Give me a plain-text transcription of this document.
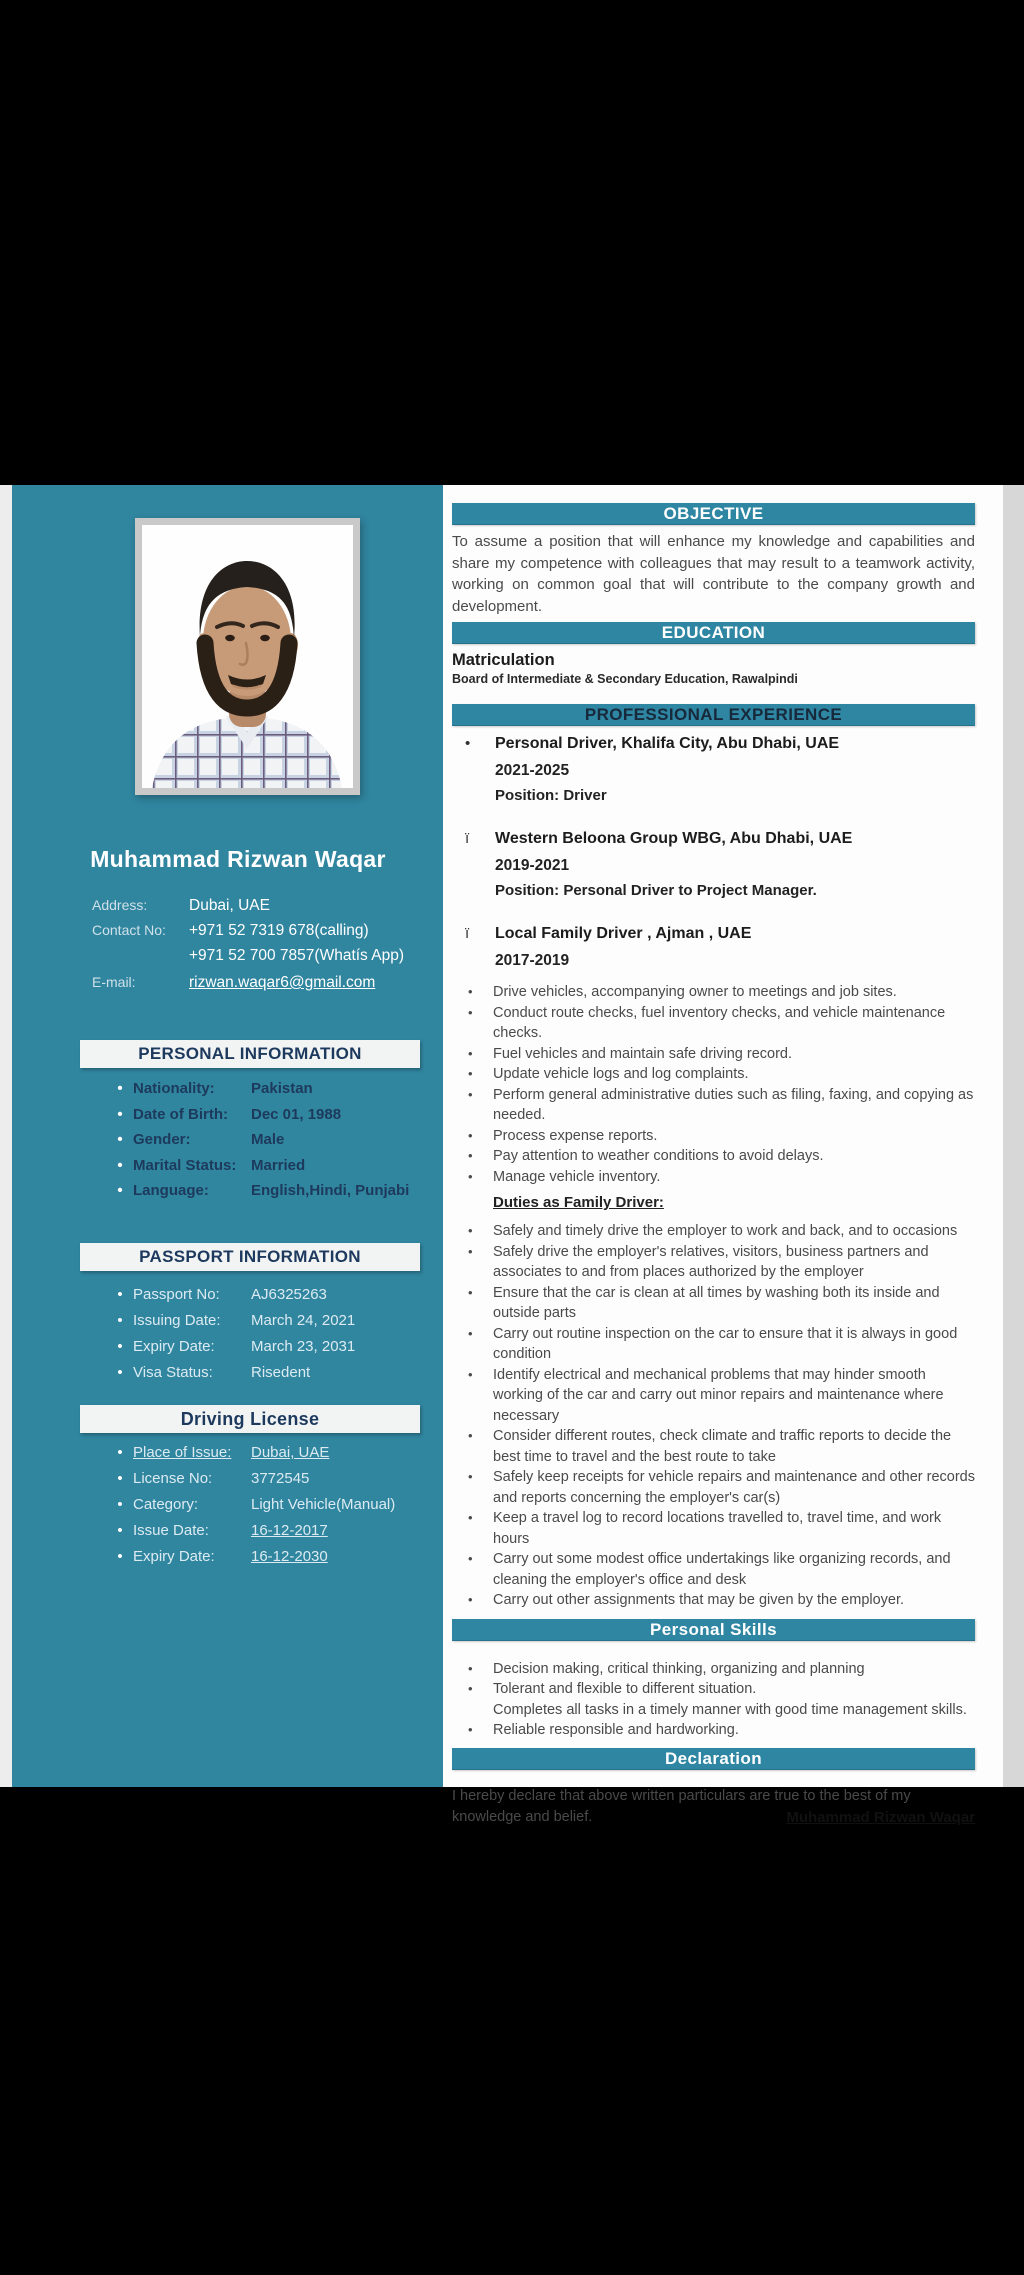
Muhammad Rizwan Waqar
Address:	Dubai, UAE
Contact No:	+971 52 7319 678(calling)
+971 52 700 7857(Whatís App)
E-mail:	rizwan.waqar6@gmail.com
PERSONAL INFORMATION
• Nationality:	Pakistan
• Date of Birth:	Dec 01, 1988
• Gender:	Male
• Marital Status: Married
• Language:	English,Hindi, Punjabi
PASSPORT INFORMATION
• Passport No:	AJ6325263
• Issuing Date:	March 24, 2021
• Expiry Date:	March 23, 2031
• Visa Status:	Risedent
Driving License
• Place of Issue:	Dubai, UAE
• License No:	3772545
• Category:	Light Vehicle(Manual)
• Issue Date:	16-12-2017
• Expiry Date:	16-12-2030
OBJECTIVE
To assume a position that will enhance my knowledge and capabilities and share my competence with colleagues that may result to a teamwork activity, working on common goal that will contribute to the company growth and development.
EDUCATION
Matriculation
Board of Intermediate & Secondary Education, Rawalpindi
PROFESSIONAL EXPERIENCE
•	Personal Driver, Khalifa City, Abu Dhabi, UAE
2021-2025
Position: Driver
ï	Western Beloona Group WBG, Abu Dhabi, UAE
2019-2021
Position: Personal Driver to Project Manager.
ï	Local Family Driver , Ajman , UAE
2017-2019
• Drive vehicles, accompanying owner to meetings and job sites.
• Conduct route checks, fuel inventory checks, and vehicle maintenance checks.
• Fuel vehicles and maintain safe driving record.
• Update vehicle logs and log complaints.
• Perform general administrative duties such as filing, faxing, and copying as needed.
• Process expense reports.
• Pay attention to weather conditions to avoid delays.
• Manage vehicle inventory.
Duties as Family Driver:
• Safely and timely drive the employer to work and back, and to occasions
• Safely drive the employer's relatives, visitors, business partners and associates to and from places authorized by the employer
• Ensure that the car is clean at all times by washing both its inside and outside parts
• Carry out routine inspection on the car to ensure that it is always in good condition
• Identify electrical and mechanical problems that may hinder smooth working of the car and carry out minor repairs and maintenance where necessary
• Consider different routes, check climate and traffic reports to decide the best time to travel and the best route to take
• Safely keep receipts for vehicle repairs and maintenance and other records and reports concerning the employer's car(s)
• Keep a travel log to record locations travelled to, travel time, and work hours
• Carry out some modest office undertakings like organizing records, and cleaning the employer's office and desk
• Carry out other assignments that may be given by the employer.
Personal Skills
• Decision making, critical thinking, organizing and planning
• Tolerant and flexible to different situation.
Completes all tasks in a timely manner with good time management skills.
• Reliable responsible and hardworking.
Declaration
I hereby declare that above written particulars are true to the best of my knowledge and belief.	Muhammad Rizwan Waqar
